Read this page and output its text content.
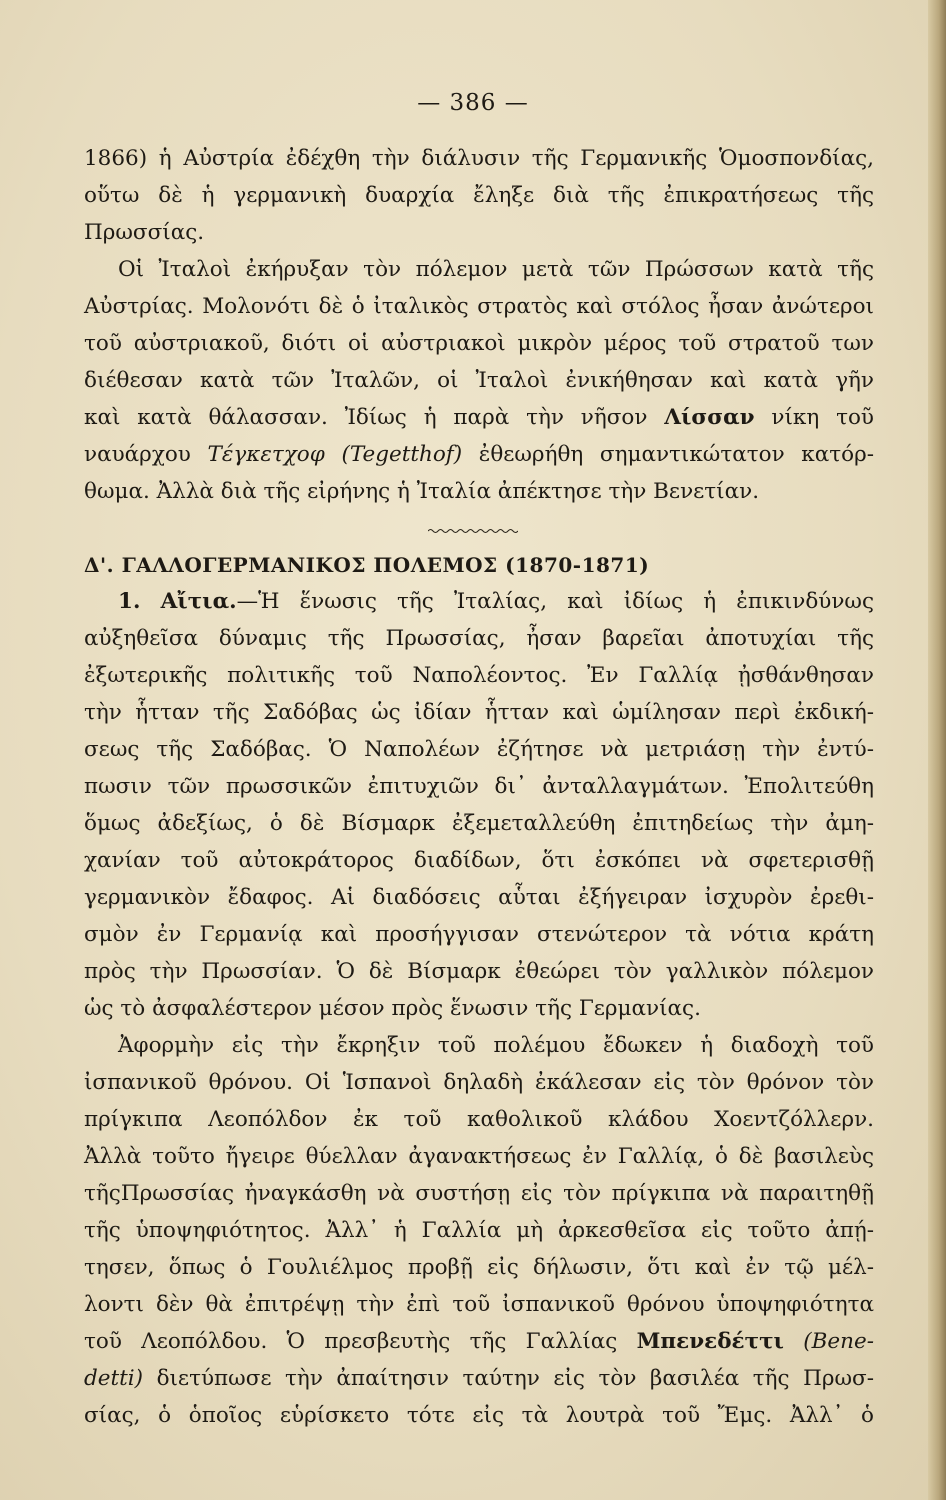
— 386 —
1866) ἡ Αὐστρία ἐδέχθη τὴν διάλυσιν τῆς Γερμανικῆς Ὁμοσπονδίας,
οὕτω δὲ ἡ γερμανικὴ δυαρχία ἔληξε διὰ τῆς ἐπικρατήσεως τῆς
Πρωσσίας.
Οἱ Ἰταλοὶ ἐκήρυξαν τὸν πόλεμον μετὰ τῶν Πρώσσων κατὰ τῆς
Αὐστρίας. Μολονότι δὲ ὁ ἰταλικὸς στρατὸς καὶ στόλος ἦσαν ἀνώτεροι
τοῦ αὐστριακοῦ, διότι οἱ αὐστριακοὶ μικρὸν μέρος τοῦ στρατοῦ των
διέθεσαν κατὰ τῶν Ἰταλῶν, οἱ Ἰταλοὶ ἐνικήθησαν καὶ κατὰ γῆν
καὶ κατὰ θάλασσαν. Ἰδίως ἡ παρὰ τὴν νῆσον Λίσσαν νίκη τοῦ
ναυάρχου Τέγκετχοφ (Tegetthof) ἐθεωρήθη σημαντικώτατον κατόρ-
θωμα. Ἀλλὰ διὰ τῆς εἰρήνης ἡ Ἰταλία ἀπέκτησε τὴν Βενετίαν.
Δ'. ΓΑΛΛΟΓΕΡΜΑΝΙΚΟΣ ΠΟΛΕΜΟΣ (1870-1871)
1. Αἴτια.—Ἡ ἕνωσις τῆς Ἰταλίας, καὶ ἰδίως ἡ ἐπικινδύνως
αὐξηθεῖσα δύναμις τῆς Πρωσσίας, ἦσαν βαρεῖαι ἀποτυχίαι τῆς
ἐξωτερικῆς πολιτικῆς τοῦ Ναπολέοντος. Ἐν Γαλλίᾳ ᾐσθάνθησαν
τὴν ἧτταν τῆς Σαδόβας ὡς ἰδίαν ἧτταν καὶ ὡμίλησαν περὶ ἐκδική-
σεως τῆς Σαδόβας. Ὁ Ναπολέων ἐζήτησε νὰ μετριάσῃ τὴν ἐντύ-
πωσιν τῶν πρωσσικῶν ἐπιτυχιῶν δι᾽ ἀνταλλαγμάτων. Ἐπολιτεύθη
ὅμως ἀδεξίως, ὁ δὲ Βίσμαρκ ἐξεμεταλλεύθη ἐπιτηδείως τὴν ἀμη-
χανίαν τοῦ αὐτοκράτορος διαδίδων, ὅτι ἐσκόπει νὰ σφετερισθῇ
γερμανικὸν ἔδαφος. Αἱ διαδόσεις αὗται ἐξήγειραν ἰσχυρὸν ἐρεθι-
σμὸν ἐν Γερμανίᾳ καὶ προσήγγισαν στενώτερον τὰ νότια κράτη
πρὸς τὴν Πρωσσίαν. Ὁ δὲ Βίσμαρκ ἐθεώρει τὸν γαλλικὸν πόλεμον
ὡς τὸ ἀσφαλέστερον μέσον πρὸς ἕνωσιν τῆς Γερμανίας.
Ἀφορμὴν εἰς τὴν ἔκρηξιν τοῦ πολέμου ἔδωκεν ἡ διαδοχὴ τοῦ
ἰσπανικοῦ θρόνου. Οἱ Ἱσπανοὶ δηλαδὴ ἐκάλεσαν εἰς τὸν θρόνον τὸν
πρίγκιπα Λεοπόλδον ἐκ τοῦ καθολικοῦ κλάδου Χοεντζόλλερν.
Ἀλλὰ τοῦτο ἤγειρε θύελλαν ἀγανακτήσεως ἐν Γαλλίᾳ, ὁ δὲ βασιλεὺς
τῆςΠρωσσίας ἠναγκάσθη νὰ συστήσῃ εἰς τὸν πρίγκιπα νὰ παραιτηθῇ
τῆς ὑποψηφιότητος. Ἀλλ᾽ ἡ Γαλλία μὴ ἀρκεσθεῖσα εἰς τοῦτο ἀπῄ-
τησεν, ὅπως ὁ Γουλιέλμος προβῇ εἰς δήλωσιν, ὅτι καὶ ἐν τῷ μέλ-
λοντι δὲν θὰ ἐπιτρέψῃ τὴν ἐπὶ τοῦ ἰσπανικοῦ θρόνου ὑποψηφιότητα
τοῦ Λεοπόλδου. Ὁ πρεσβευτὴς τῆς Γαλλίας Μπενεδέττι (Bene-
detti) διετύπωσε τὴν ἀπαίτησιν ταύτην εἰς τὸν βασιλέα τῆς Πρωσ-
σίας, ὁ ὁποῖος εὑρίσκετο τότε εἰς τὰ λουτρὰ τοῦ Ἔμς. Ἀλλ᾽ ὁ
